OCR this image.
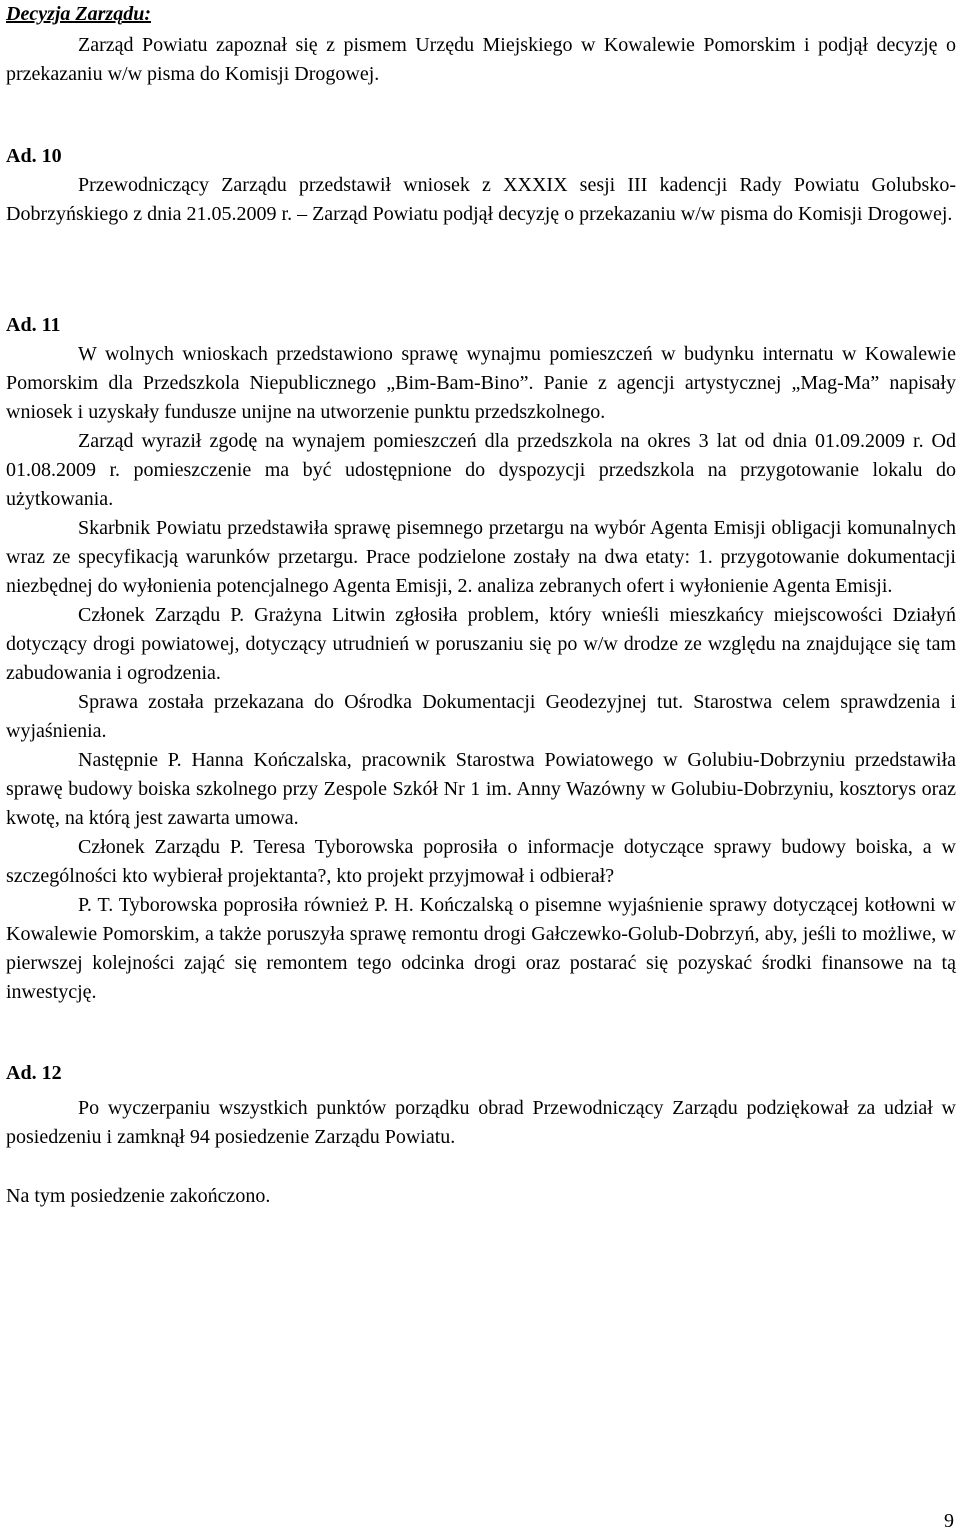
Decyzja Zarządu:

Zarząd Powiatu zapoznał się z pismem Urzędu Miejskiego w Kowalewie Pomorskim i podjął decyzję o przekazaniu w/w pisma do Komisji Drogowej.

Ad. 10

Przewodniczący Zarządu przedstawił wniosek z XXXIX sesji III kadencji Rady Powiatu Golubsko-Dobrzyńskiego z dnia 21.05.2009 r. – Zarząd Powiatu podjął decyzję o przekazaniu w/w pisma do Komisji Drogowej.

Ad. 11

W wolnych wnioskach przedstawiono sprawę wynajmu pomieszczeń w budynku internatu w Kowalewie Pomorskim dla Przedszkola Niepublicznego „Bim-Bam-Bino”. Panie z agencji artystycznej „Mag-Ma” napisały wniosek i uzyskały fundusze unijne na utworzenie punktu przedszkolnego.

Zarząd wyraził zgodę na wynajem pomieszczeń dla przedszkola na okres 3 lat od dnia 01.09.2009 r. Od 01.08.2009 r. pomieszczenie ma być udostępnione do dyspozycji przedszkola na przygotowanie lokalu do użytkowania.

Skarbnik Powiatu przedstawiła sprawę pisemnego przetargu na wybór Agenta Emisji obligacji komunalnych wraz ze specyfikacją warunków przetargu. Prace podzielone zostały na dwa etaty: 1. przygotowanie dokumentacji niezbędnej do wyłonienia potencjalnego Agenta Emisji, 2. analiza zebranych ofert i wyłonienie Agenta Emisji.

Członek Zarządu P. Grażyna Litwin zgłosiła problem, który wnieśli mieszkańcy miejscowości Działyń dotyczący drogi powiatowej, dotyczący utrudnień w poruszaniu się po w/w drodze ze względu na znajdujące się tam zabudowania i ogrodzenia.

Sprawa została przekazana do Ośrodka Dokumentacji Geodezyjnej tut. Starostwa celem sprawdzenia i wyjaśnienia.

Następnie P. Hanna Kończalska, pracownik Starostwa Powiatowego w Golubiu-Dobrzyniu przedstawiła sprawę budowy boiska szkolnego przy Zespole Szkół Nr 1 im. Anny Wazówny w Golubiu-Dobrzyniu, kosztorys oraz kwotę, na którą jest zawarta umowa.

Członek Zarządu P. Teresa Tyborowska poprosiła o informacje dotyczące sprawy budowy boiska, a w szczególności kto wybierał projektanta?, kto projekt przyjmował i odbierał?

P. T. Tyborowska poprosiła również P. H. Kończalską o pisemne wyjaśnienie sprawy dotyczącej kotłowni w Kowalewie Pomorskim, a także poruszyła sprawę remontu drogi Gałczewko-Golub-Dobrzyń, aby, jeśli to możliwe, w pierwszej kolejności zająć się remontem tego odcinka drogi oraz postarać się pozyskać środki finansowe na tą inwestycję.

Ad. 12

Po wyczerpaniu wszystkich punktów porządku obrad Przewodniczący Zarządu podziękował za udział w posiedzeniu i zamknął 94 posiedzenie Zarządu Powiatu.

Na tym posiedzenie zakończono.

9
